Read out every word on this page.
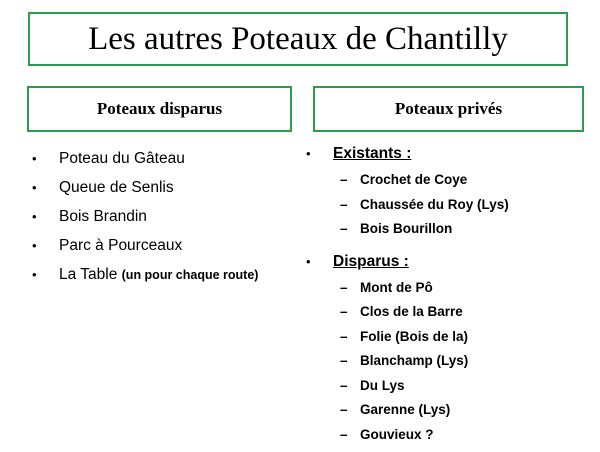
Les autres Poteaux de Chantilly
Poteaux disparus	Poteaux privés
• Poteau du Gâteau
• Queue de Senlis
• Bois Brandin
• Parc à Pourceaux
• La Table (un pour chaque route)
• Existants :
– Crochet de Coye
– Chaussée du Roy (Lys)
– Bois Bourillon
• Disparus :
– Mont de Pô
– Clos de la Barre
– Folie (Bois de la)
– Blanchamp (Lys)
– Du Lys
– Garenne (Lys)
– Gouvieux ?
